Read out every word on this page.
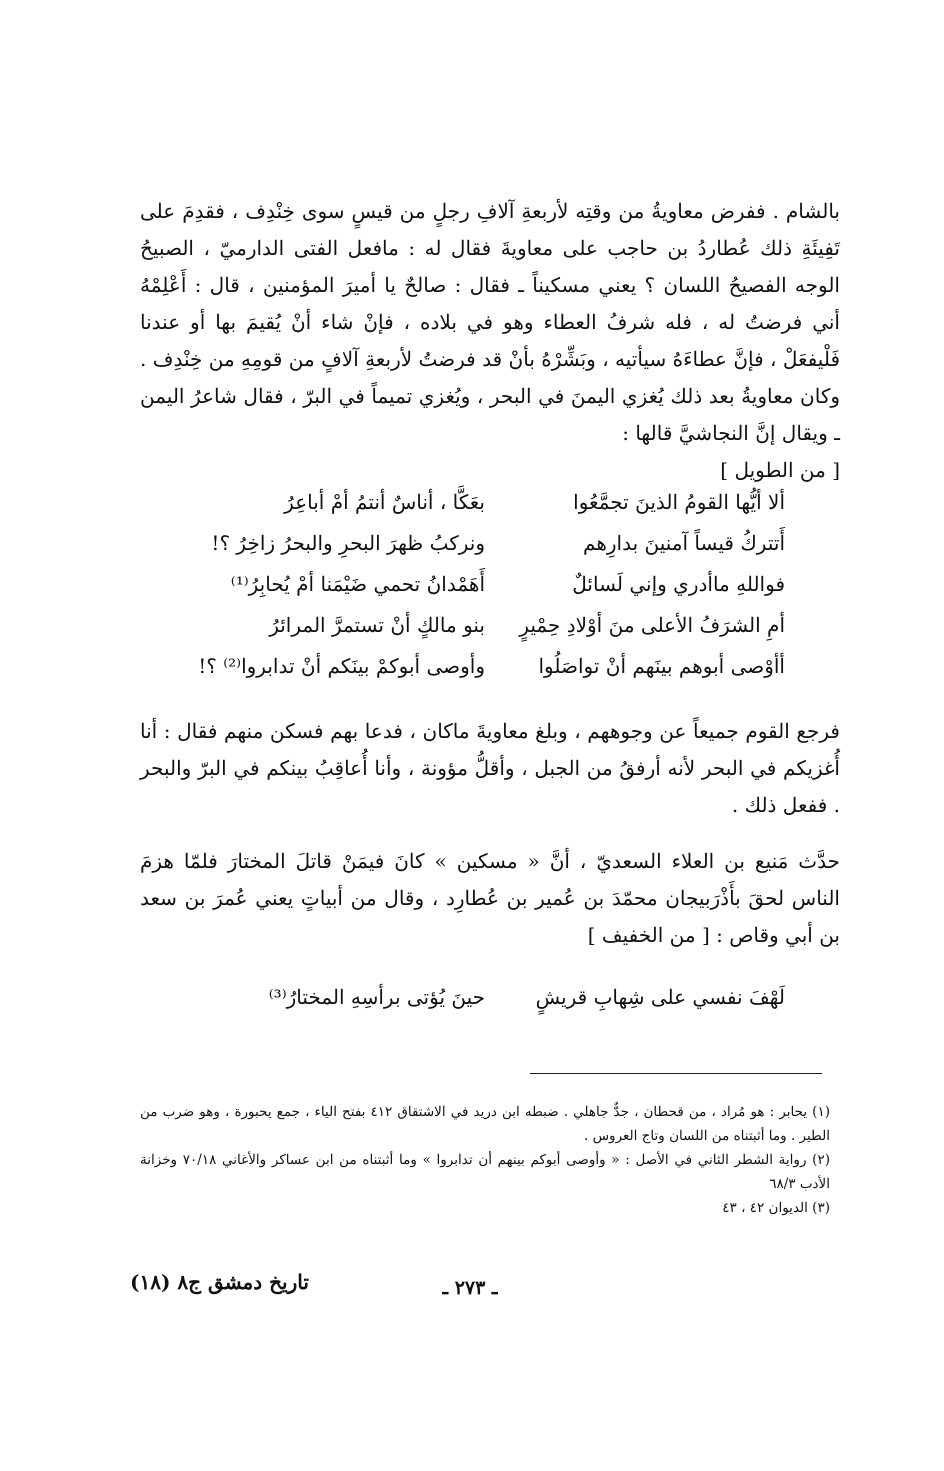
بالشام . ففرض معاويةُ من وقتِه لأربعةِ آلافِ رجلٍ من قيسٍ سوى خِنْدِف ، فقدِمَ على تَفِيئَةِ ذلك عُطاردُ بن حاجب على معاويةَ فقال له : مافعل الفتى الدارميّ ، الصبيحُ الوجه الفصيحُ اللسان ؟ يعني مسكيناً ـ فقال : صالحٌ يا أميرَ المؤمنين ، قال : أَعْلِمْهُ أني فرضتُ له ، فله شرفُ العطاء وهو في بلاده ، فإنْ شاء أنْ يُقيمَ بها أو عندنا فَلْيفعَلْ ، فإنَّ عطاءَهُ سيأتيه ، وبَشِّرْهُ بأنْ قد فرضتُ لأربعةِ آلافٍ من قومِهِ من خِنْدِف . وكان معاويةُ بعد ذلك يُغزي اليمنَ في البحر ، ويُغزي تميماً في البرّ ، فقال شاعرُ اليمن ـ ويقال إنَّ النجاشيَّ قالها :

[ من الطويل ]

ألا أيُّها القومُ الذينَ تجمَّعُوا
بعَكَّا ، أناسٌ أنتمُ أمْ أباعِرُ
أَتتركُ قيساً آمنينَ بدارِهم
ونركبُ ظهرَ البحرِ والبحرُ زاخِرُ ؟!
فواللهِ ماأدري وإني لَسائلٌ
أَهَمْدانُ تحمي ضَيْمَنا أمْ يُحابِرُ⁽¹⁾
أمِ الشرَفُ الأعلى منَ أوْلادِ حِمْيرٍ
بنو مالكٍ أنْ تستمرَّ المرائرُ
أأوْصى أبوهم بينَهم أنْ تواصَلُوا
وأوصى أبوكمْ بينَكم أنْ تدابروا⁽²⁾ ؟!

فرجع القوم جميعاً عن وجوههم ، وبلغ معاويةَ ماكان ، فدعا بهم فسكن منهم فقال : أنا أُغزيكم في البحر لأنه أرفقُ من الجبل ، وأقلُّ مؤونة ، وأنا أُعاقِبُ بينكم في البرّ والبحر . ففعل ذلك .

حدَّث مَنيع بن العلاء السعديّ ، أنَّ « مسكين » كانَ فيمَنْ قاتلَ المختارَ فلمّا هزمَ الناس لحقَ بأَذْرَبيجان محمّدَ بن عُمير بن عُطارِد ، وقال من أبياتٍ يعني عُمرَ بن سعد بن أبي وقاص : [ من الخفيف ]

لَهْفَ نفسي على شِهابِ قريشٍ
حينَ يُؤتى برأسِهِ المختارُ⁽³⁾

(١) يحابر : هو مُراد ، من قحطان ، جدٌّ جاهلي . ضبطه ابن دريد في الاشتقاق ٤١٢ بفتح الياء ، جمع يحبورة ، وهو ضرب من الطير . وما أثبتناه من اللسان وتاج العروس .

(٢) رواية الشطر الثاني في الأصل : « وأوصى أبوكم بينهم أن تدابروا » وما أثبتناه من ابن عساكر والأغاني ٧٠/١٨ وخزانة الأدب ٦٨/٣

(٣) الديوان ٤٢ ، ٤٣

ـ ٢٧٣ ـ
تاريخ دمشق ج٨ (١٨)
